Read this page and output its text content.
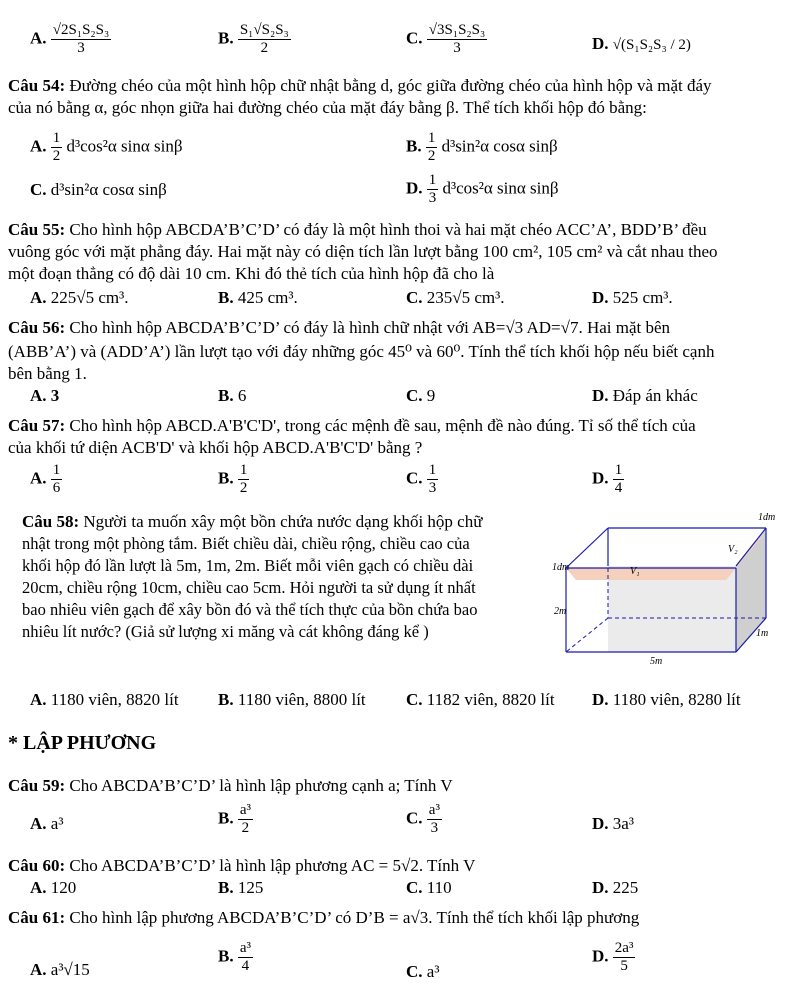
A. $\frac{\text{√2S₁S₂S₃}}{3}$	B. $\frac{\text{S₁√S₂S₃}}{2}$	C. $\frac{\text{√3S₁S₂S₃}}{3}$	D. √(S₁S₂S₃ / 2)
Câu 54: Đường chéo của một hình hộp chữ nhật bằng d, góc giữa đường chéo của hình hộp và mặt đáy
của nó bằng α, góc nhọn giữa hai đường chéo của mặt đáy bằng β. Thể tích khối hộp đó bằng:
A. $\frac{1}{2} d^3\cos^2\alpha$ sinα sinβ	B. $\frac{1}{2} d^3\sin^2\alpha$ cosα sinβ
C. d³sin²α cosα sinβ	D. $\frac{1}{3} d^3\cos^2\alpha$ sinα sinβ
Câu 55: Cho hình hộp ABCDA’B’C’D’ có đáy là một hình thoi và hai mặt chéo ACC’A’, BDD’B’ đều
vuông góc với mặt phẳng đáy. Hai mặt này có diện tích lần lượt bằng 100 cm², 105 cm² và cắt nhau theo
một đoạn thẳng có độ dài 10 cm. Khi đó thẻ tích của hình hộp đã cho là
A. 225√5 cm³.	B. 425 cm³.	C. 235√5 cm³.	D. 525 cm³.
Câu 56: Cho hình hộp ABCDA’B’C’D’ có đáy là hình chữ nhật với AB=√3 AD=√7. Hai mặt bên
(ABB’A’) và (ADD’A’) lần lượt tạo với đáy những góc 45⁰ và 60⁰. Tính thể tích khối hộp nếu biết cạnh
bên bằng 1.
A. 3	B. 6	C. 9	D. Đáp án khác
Câu 57: Cho hình hộp ABCD.A'B'C'D', trong các mệnh đề sau, mệnh đề nào đúng. Tỉ số thể tích của
của khối tứ diện ACB'D' và khối hộp ABCD.A'B'C'D' bằng ?
A. $\frac{1}{6}$	B. $\frac{1}{2}$	C. $\frac{1}{3}$	D. $\frac{1}{4}$
Câu 58: Người ta muốn xây một bồn chứa nước dạng khối hộp chữ
nhật trong một phòng tắm. Biết chiều dài, chiều rộng, chiều cao của
khối hộp đó lần lượt là 5m, 1m, 2m. Biết mỗi viên gạch có chiều dài
20cm, chiều rộng 10cm, chiều cao 5cm. Hỏi người ta sử dụng ít nhất
bao nhiêu viên gạch để xây bồn đó và thể tích thực của bồn chứa bao
nhiêu lít nước? (Giả sử lượng xi măng và cát không đáng kể )
1dm
V₂
1dm	V₁
2m
1m
5m
A. 1180 viên, 8820 lít B. 1180 viên, 8800 lít C. 1182 viên, 8820 lít D. 1180 viên, 8280 lít
* LẬP PHƯƠNG
Câu 59: Cho ABCDA’B’C’D’ là hình lập phương cạnh a; Tính V
A. a³	B. $\frac{\text{a³}}{2}$	C. $\frac{\text{a³}}{3}$	D. 3a³
Câu 60: Cho ABCDA’B’C’D’ là hình lập phương AC = 5√2. Tính V
A. 120	B. 125	C. 110	D. 225
Câu 61: Cho hình lập phương ABCDA’B’C’D’ có D’B = a√3. Tính thể tích khối lập phương
A. a³√15
B. $\frac{\text{a³}}{4}$	C. a³
D. $\frac{\text{2a³}}{5}$
